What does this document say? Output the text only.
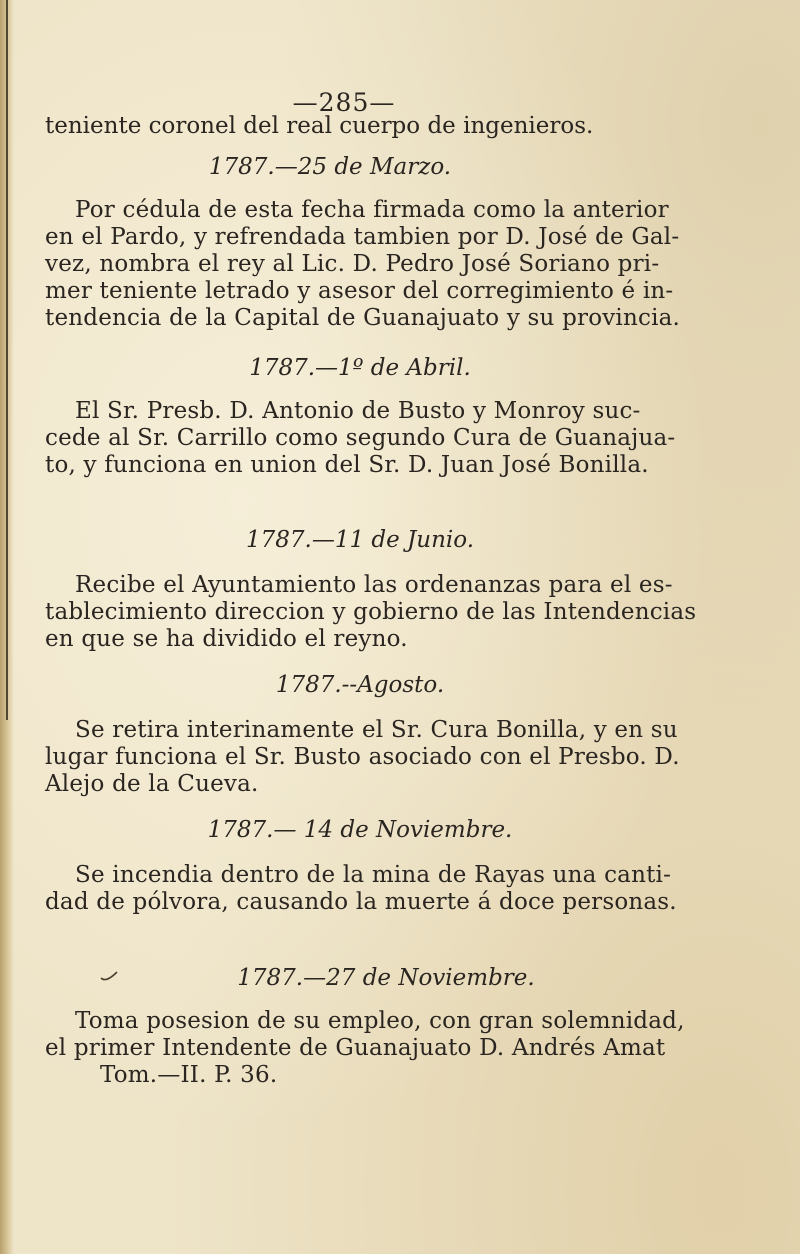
—285—
teniente coronel del real cuerpo de ingenieros.
1787.—25 de Marzo.
Por cédula de esta fecha firmada como la anterior
en el Pardo, y refrendada tambien por D. José de Gal-
vez, nombra el rey al Lic. D. Pedro José Soriano pri-
mer teniente letrado y asesor del corregimiento é in-
tendencia de la Capital de Guanajuato y su provincia.
1787.—1º de Abril.
El Sr. Presb. D. Antonio de Busto y Monroy suc-
cede al Sr. Carrillo como segundo Cura de Guanajua-
to, y funciona en union del Sr. D. Juan José Bonilla.
1787.—11 de Junio.
Recibe el Ayuntamiento las ordenanzas para el es-
tablecimiento direccion y gobierno de las Intendencias
en que se ha dividido el reyno.
1787.--Agosto.
Se retira interinamente el Sr. Cura Bonilla, y en su
lugar funciona el Sr. Busto asociado con el Presbo. D.
Alejo de la Cueva.
1787.— 14 de Noviembre.
Se incendia dentro de la mina de Rayas una canti-
dad de pólvora, causando la muerte á doce personas.
1787.—27 de Noviembre.
Toma posesion de su empleo, con gran solemnidad,
el primer Intendente de Guanajuato D. Andrés Amat
Tom.—II. P. 36.
